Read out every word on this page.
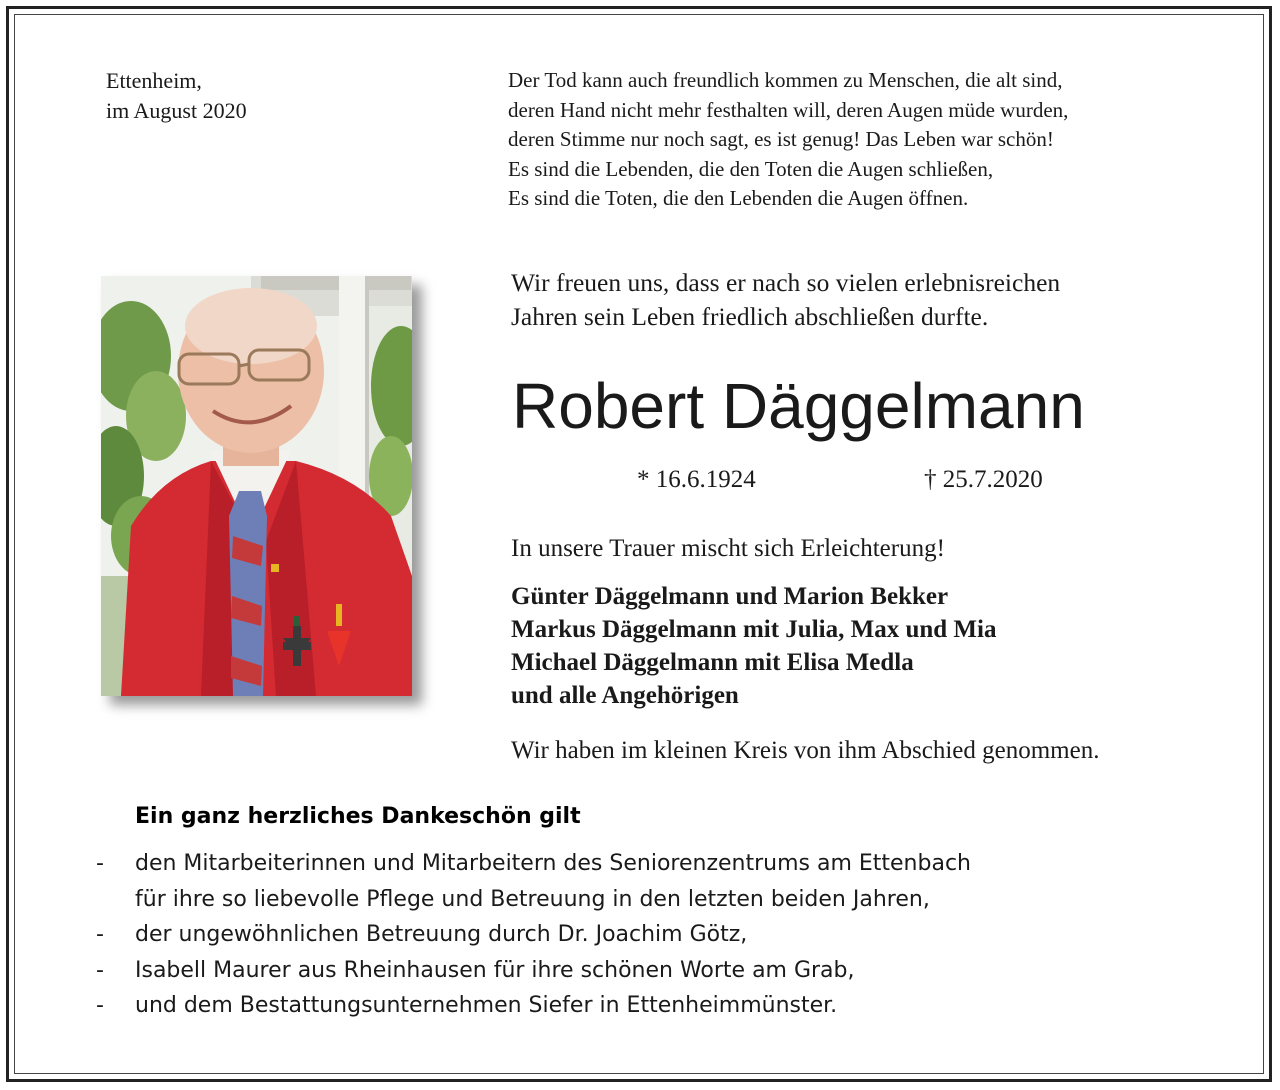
Ettenheim,
im August 2020
Der Tod kann auch freundlich kommen zu Menschen, die alt sind,
deren Hand nicht mehr festhalten will, deren Augen müde wurden,
deren Stimme nur noch sagt, es ist genug! Das Leben war schön!
Es sind die Lebenden, die den Toten die Augen schließen,
Es sind die Toten, die den Lebenden die Augen öffnen.
Wir freuen uns, dass er nach so vielen erlebnisreichen
Jahren sein Leben friedlich abschließen durfte.
Robert Däggelmann
* 16.6.1924	† 25.7.2020
In unsere Trauer mischt sich Erleichterung!
Günter Däggelmann und Marion Bekker
Markus Däggelmann mit Julia, Max und Mia
Michael Däggelmann mit Elisa Medla
und alle Angehörigen
Wir haben im kleinen Kreis von ihm Abschied genommen.
Ein ganz herzliches Dankeschön gilt
- den Mitarbeiterinnen und Mitarbeitern des Seniorenzentrums am Ettenbach
für ihre so liebevolle Pflege und Betreuung in den letzten beiden Jahren,
- der ungewöhnlichen Betreuung durch Dr. Joachim Götz,
- Isabell Maurer aus Rheinhausen für ihre schönen Worte am Grab,
- und dem Bestattungsunternehmen Siefer in Ettenheimmünster.
